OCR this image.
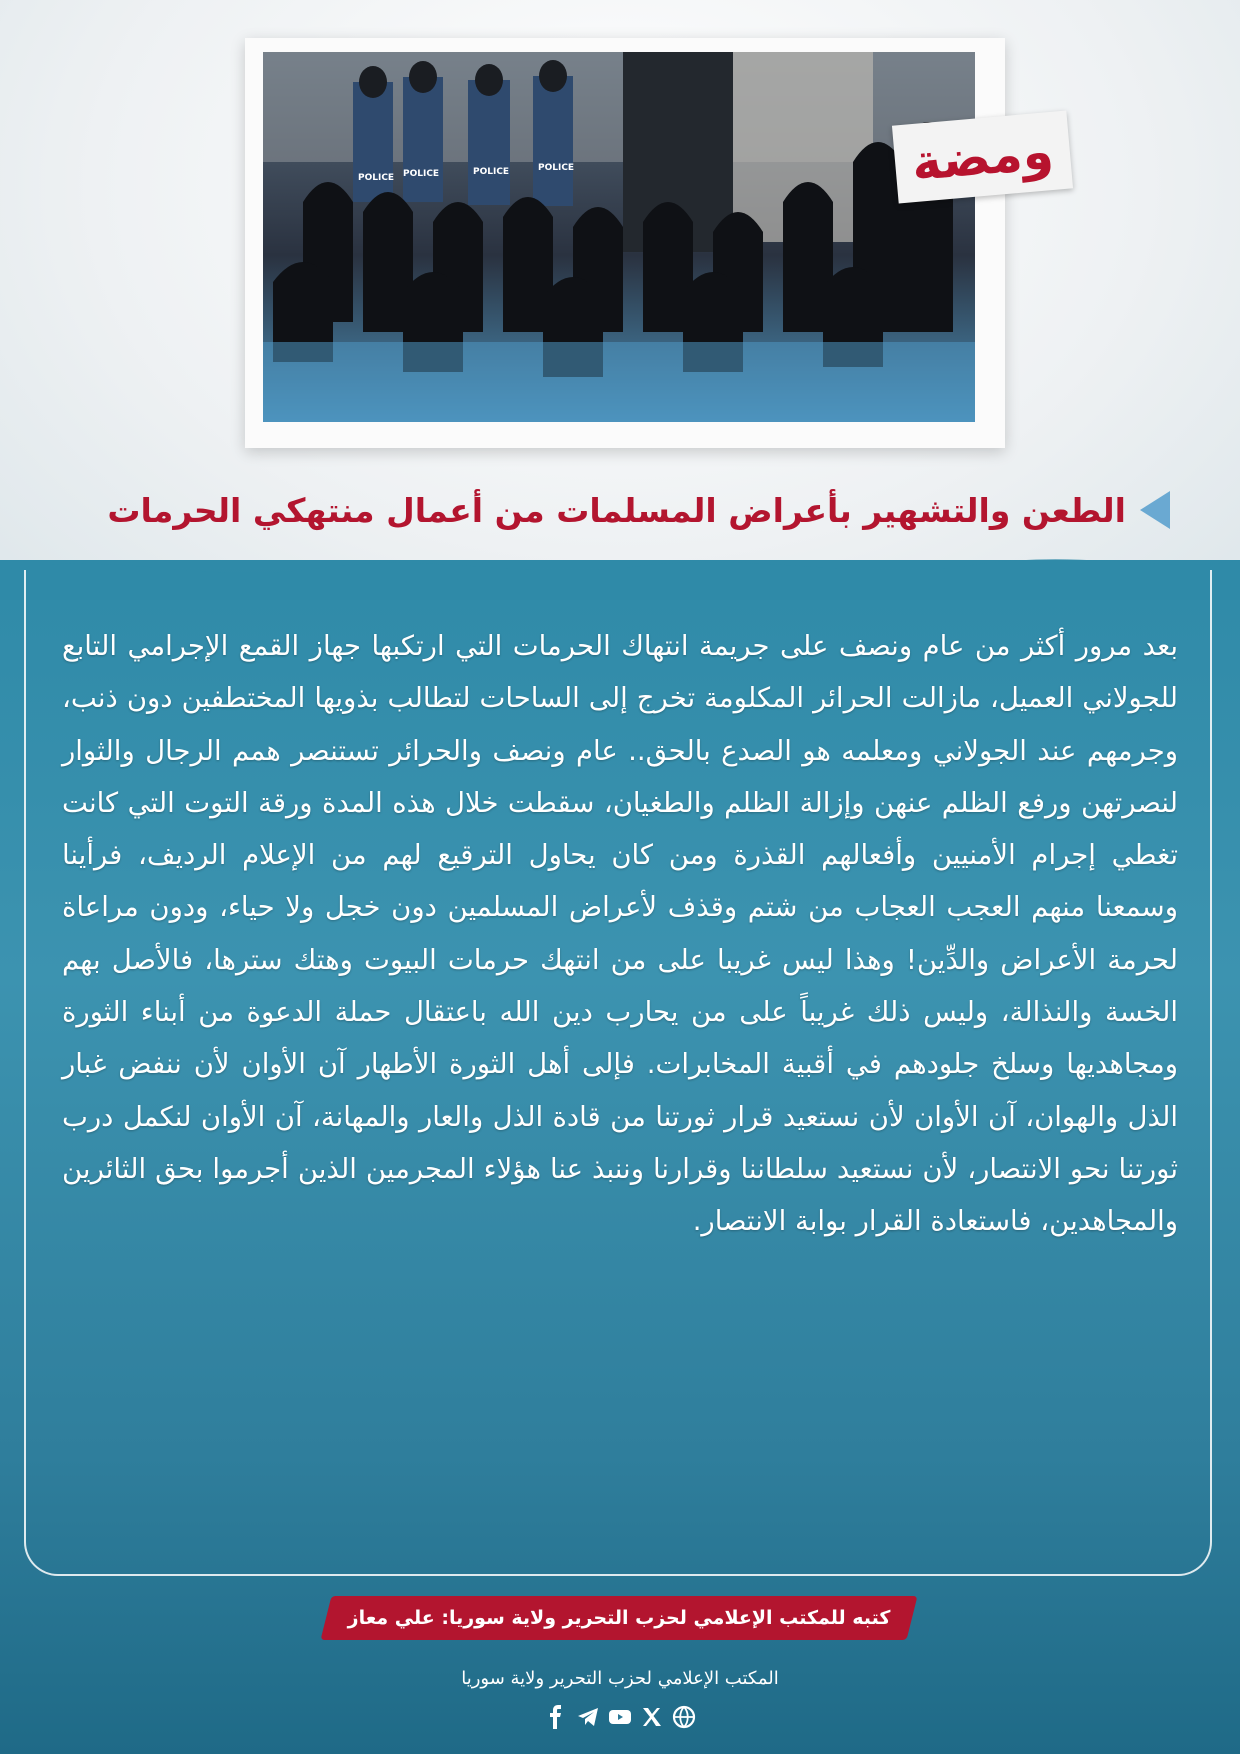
POLICE POLICE	POLICE	POLICE	ومضة
الطعن والتشهير بأعراض المسلمات من أعمال منتهكي الحرمات
بعد مرور أكثر من عام ونصف على جريمة انتهاك الحرمات التي ارتكبها جهاز القمع الإجرامي التابع للجولاني العميل، مازالت الحرائر المكلومة تخرج إلى الساحات لتطالب بذويها المختطفين دون ذنب، وجرمهم عند الجولاني ومعلمه هو الصدع بالحق.. عام ونصف والحرائر تستنصر همم الرجال والثوار لنصرتهن ورفع الظلم عنهن وإزالة الظلم والطغيان، سقطت خلال هذه المدة ورقة التوت التي كانت تغطي إجرام الأمنيين وأفعالهم القذرة ومن كان يحاول الترقيع لهم من الإعلام الرديف، فرأينا وسمعنا منهم العجب العجاب من شتم وقذف لأعراض المسلمين دون خجل ولا حياء، ودون مراعاة لحرمة الأعراض والدِّين! وهذا ليس غريبا على من انتهك حرمات البيوت وهتك سترها، فالأصل بهم الخسة والنذالة، وليس ذلك غريباً على من يحارب دين الله باعتقال حملة الدعوة من أبناء الثورة ومجاهديها وسلخ جلودهم في أقبية المخابرات. فإلى أهل الثورة الأطهار آن الأوان لأن ننفض غبار الذل والهوان، آن الأوان لأن نستعيد قرار ثورتنا من قادة الذل والعار والمهانة، آن الأوان لنكمل درب ثورتنا نحو الانتصار، لأن نستعيد سلطاننا وقرارنا وننبذ عنا هؤلاء المجرمين الذين أجرموا بحق الثائرين والمجاهدين، فاستعادة القرار بوابة الانتصار.
كتبه للمكتب الإعلامي لحزب التحرير ولاية سوريا: علي معاز
المكتب الإعلامي لحزب التحرير ولاية سوريا
